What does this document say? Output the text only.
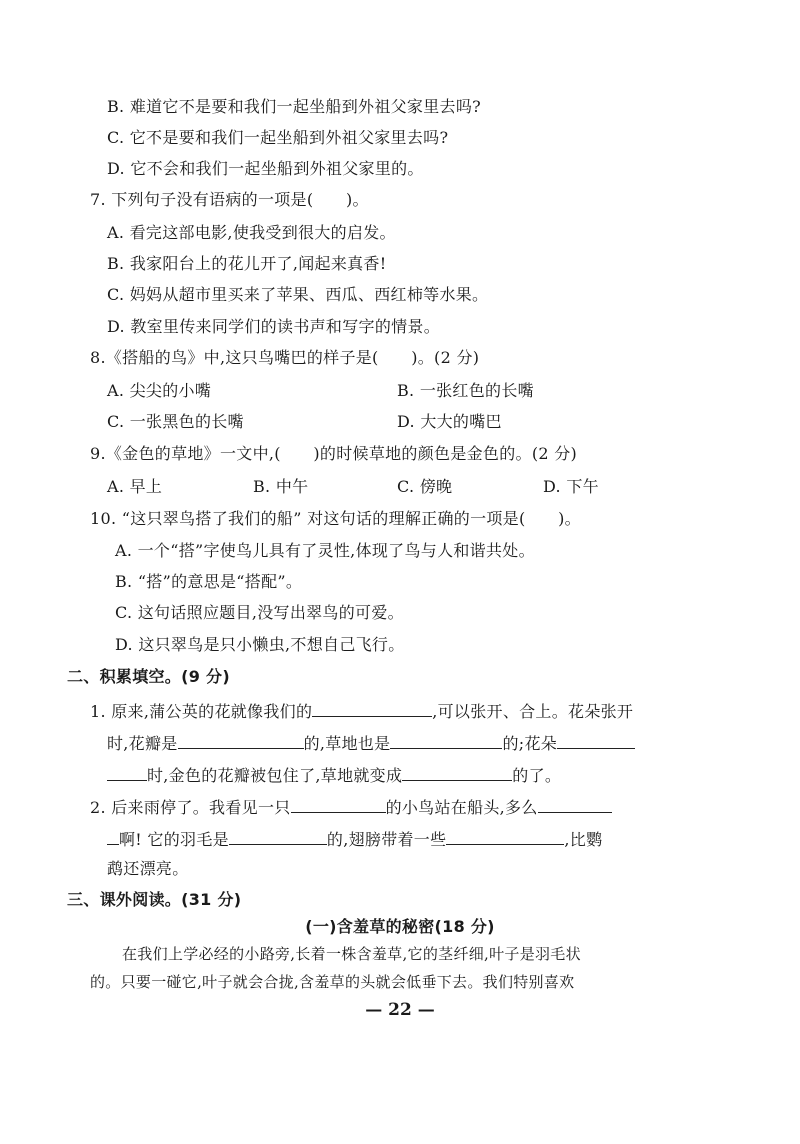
B. 难道它不是要和我们一起坐船到外祖父家里去吗?
C. 它不是要和我们一起坐船到外祖父家里去吗?
D. 它不会和我们一起坐船到外祖父家里的。
7. 下列句子没有语病的一项是(　　)。
A. 看完这部电影,使我受到很大的启发。
B. 我家阳台上的花儿开了,闻起来真香!
C. 妈妈从超市里买来了苹果、西瓜、西红柿等水果。
D. 教室里传来同学们的读书声和写字的情景。
8.《搭船的鸟》中,这只鸟嘴巴的样子是(　　)。(2 分)
A. 尖尖的小嘴	B. 一张红色的长嘴
C. 一张黑色的长嘴	D. 大大的嘴巴
9.《金色的草地》一文中,(　　)的时候草地的颜色是金色的。(2 分)
A. 早上	B. 中午	C. 傍晚	D. 下午
10. “这只翠鸟搭了我们的船” 对这句话的理解正确的一项是(　　)。
A. 一个“搭”字使鸟儿具有了灵性,体现了鸟与人和谐共处。
B. “搭”的意思是“搭配”。
C. 这句话照应题目,没写出翠鸟的可爱。
D. 这只翠鸟是只小懒虫,不想自己飞行。
二、积累填空。(9 分)
1. 原来,蒲公英的花就像我们的	,可以张开、合上。花朵张开
时,花瓣是	的,草地也是	的;花朵
时,金色的花瓣被包住了,草地就变成	的了。
2. 后来雨停了。我看见一只	的小鸟站在船头,多么
啊! 它的羽毛是	的,翅膀带着一些	,比鹦
鹉还漂亮。
三、课外阅读。(31 分)
(一)含羞草的秘密(18 分)
在我们上学必经的小路旁,长着一株含羞草,它的茎纤细,叶子是羽毛状
的。只要一碰它,叶子就会合拢,含羞草的头就会低垂下去。我们特别喜欢
— 22 —
